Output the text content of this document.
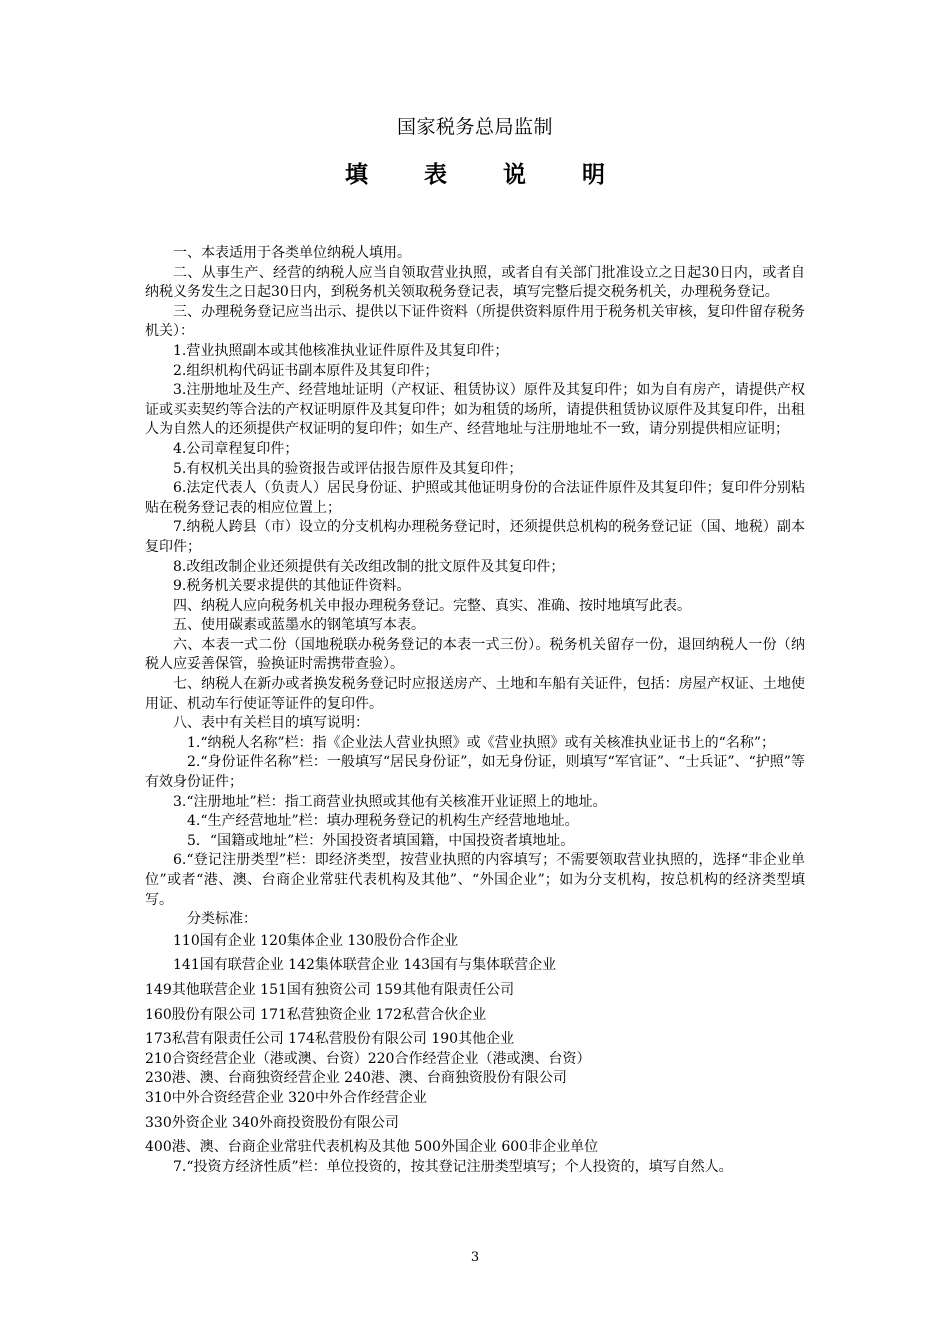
国家税务总局监制
填 表 说 明

一、本表适用于各类单位纳税人填用。

二、从事生产、经营的纳税人应当自领取营业执照，或者自有关部门批准设立之日起30日内，或者自纳税义务发生之日起30日内，到税务机关领取税务登记表，填写完整后提交税务机关，办理税务登记。

三、办理税务登记应当出示、提供以下证件资料（所提供资料原件用于税务机关审核，复印件留存税务机关）：

1.营业执照副本或其他核准执业证件原件及其复印件；

2.组织机构代码证书副本原件及其复印件；

3.注册地址及生产、经营地址证明（产权证、租赁协议）原件及其复印件；如为自有房产，请提供产权证或买卖契约等合法的产权证明原件及其复印件；如为租赁的场所，请提供租赁协议原件及其复印件，出租人为自然人的还须提供产权证明的复印件；如生产、经营地址与注册地址不一致，请分别提供相应证明；

4.公司章程复印件；

5.有权机关出具的验资报告或评估报告原件及其复印件；

6.法定代表人（负责人）居民身份证、护照或其他证明身份的合法证件原件及其复印件；复印件分别粘贴在税务登记表的相应位置上；

7.纳税人跨县（市）设立的分支机构办理税务登记时，还须提供总机构的税务登记证（国、地税）副本复印件；

8.改组改制企业还须提供有关改组改制的批文原件及其复印件；

9.税务机关要求提供的其他证件资料。

四、纳税人应向税务机关申报办理税务登记。完整、真实、准确、按时地填写此表。

五、使用碳素或蓝墨水的钢笔填写本表。

六、本表一式二份（国地税联办税务登记的本表一式三份）。税务机关留存一份，退回纳税人一份（纳税人应妥善保管，验换证时需携带查验）。

七、纳税人在新办或者换发税务登记时应报送房产、土地和车船有关证件，包括：房屋产权证、土地使用证、机动车行使证等证件的复印件。

八、表中有关栏目的填写说明：

1.“纳税人名称”栏：指《企业法人营业执照》或《营业执照》或有关核准执业证书上的“名称”；

2.“身份证件名称”栏：一般填写“居民身份证”，如无身份证，则填写“军官证”、“士兵证”、“护照”等有效身份证件；

3.“注册地址”栏：指工商营业执照或其他有关核准开业证照上的地址。

4.“生产经营地址”栏：填办理税务登记的机构生产经营地地址。

5．“国籍或地址”栏：外国投资者填国籍，中国投资者填地址。

6.“登记注册类型”栏：即经济类型，按营业执照的内容填写；不需要领取营业执照的，选择“非企业单位”或者“港、澳、台商企业常驻代表机构及其他”、“外国企业”；如为分支机构，按总机构的经济类型填写。

分类标准：

110国有企业 120集体企业 130股份合作企业

141国有联营企业 142集体联营企业 143国有与集体联营企业

149其他联营企业 151国有独资公司 159其他有限责任公司

160股份有限公司 171私营独资企业 172私营合伙企业

173私营有限责任公司 174私营股份有限公司 190其他企业

210合资经营企业（港或澳、台资）220合作经营企业（港或澳、台资）

230港、澳、台商独资经营企业 240港、澳、台商独资股份有限公司

310中外合资经营企业 320中外合作经营企业

330外资企业 340外商投资股份有限公司

400港、澳、台商企业常驻代表机构及其他 500外国企业 600非企业单位

7.“投资方经济性质”栏：单位投资的，按其登记注册类型填写；个人投资的，填写自然人。

3
